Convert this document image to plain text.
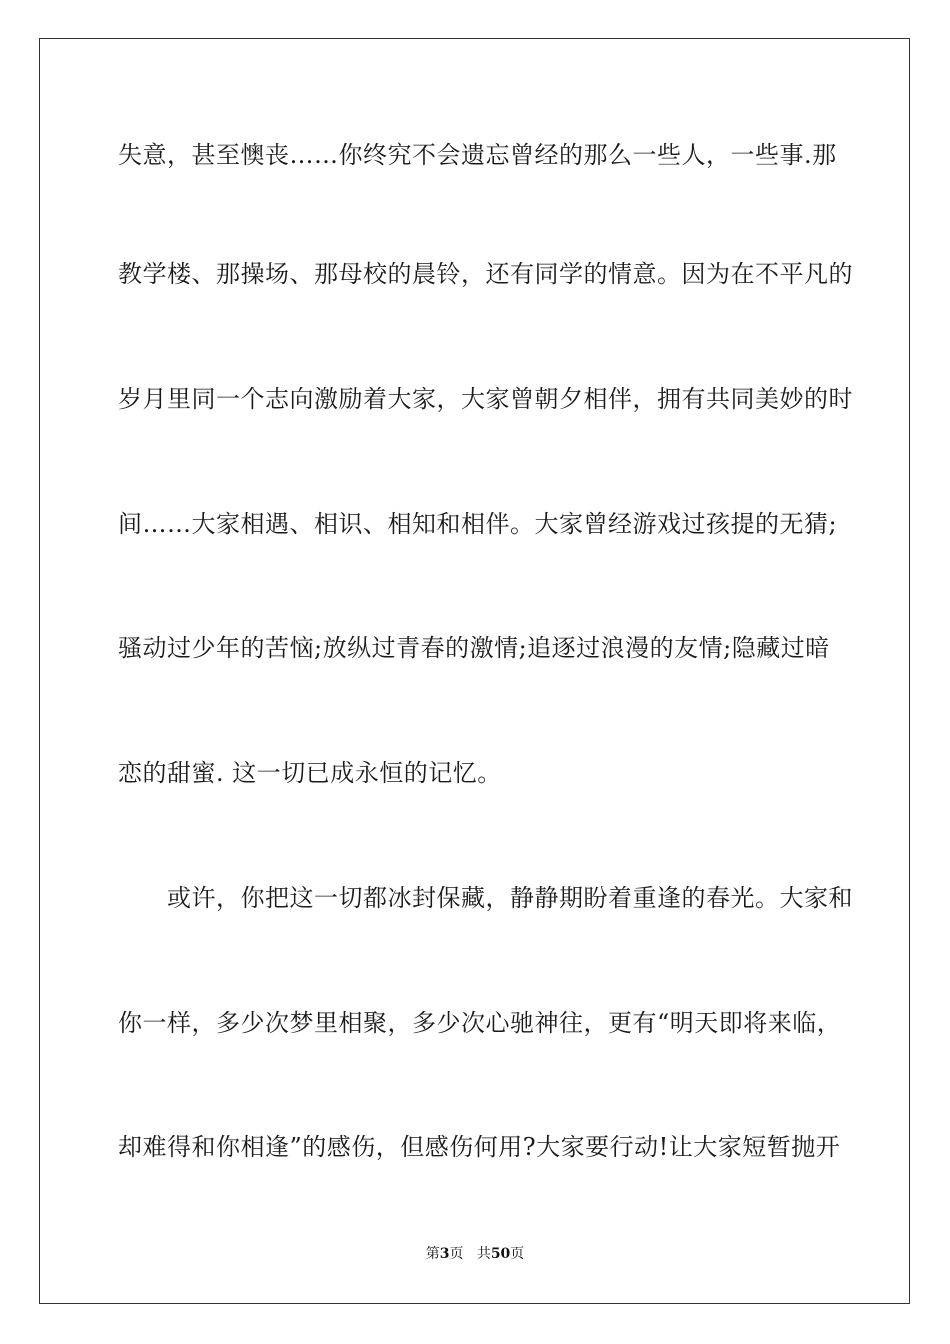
失意，甚至懊丧……你终究不会遗忘曾经的那么一些人，一些事.那
教学楼、那操场、那母校的晨铃，还有同学的情意。因为在不平凡的
岁月里同一个志向激励着大家，大家曾朝夕相伴，拥有共同美妙的时
间……大家相遇、相识、相知和相伴。大家曾经游戏过孩提的无猜;
骚动过少年的苦恼;放纵过青春的激情;追逐过浪漫的友情;隐藏过暗
恋的甜蜜. 这一切已成永恒的记忆。
　　或许，你把这一切都冰封保藏，静静期盼着重逢的春光。大家和
你一样，多少次梦里相聚，多少次心驰神往，更有“明天即将来临，
却难得和你相逢”的感伤，但感伤何用?大家要行动!让大家短暂抛开
第3页 共50页
